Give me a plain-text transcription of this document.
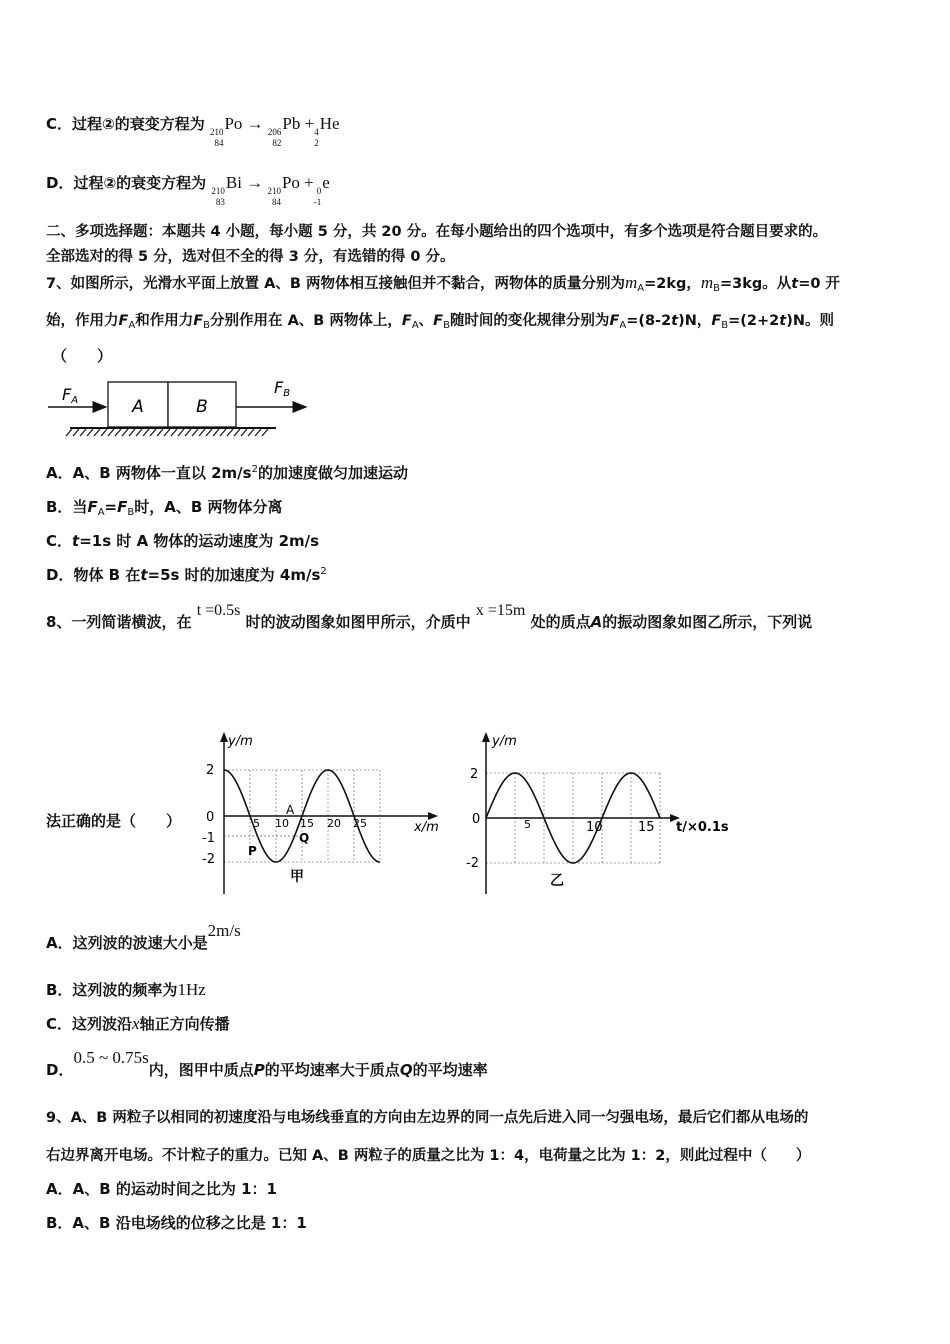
C．过程②的衰变方程为 210
84
Po → 206
82
Pb + 4
2
He
D．过程②的衰变方程为 210
83
Bi → 210
84
Po + 0
-1
e
二、多项选择题：本题共 4 小题，每小题 5 分，共 20 分。在每小题给出的四个选项中，有多个选项是符合题目要求的。
全部选对的得 5 分，选对但不全的得 3 分，有选错的得 0 分。
7、如图所示，光滑水平面上放置 A、B 两物体相互接触但并不黏合，两物体的质量分别为$m_A=2kg$，$m_B=3kg$。从t=0 开
始，作用力$F_A$和作用力$F_B$分别作用在 A、B 两物体上，$F_A$、$F_B$随时间的变化规律分别为$F_A=(8-2t)N$，$F_B=(2+2t)N$。则
（　　）
FA	A	B
FB
A．A、B 两物体一直以 $2m/s^2$的加速度做匀加速运动
B．当$F_A=F_B$时，A、B 两物体分离
C．t=1s 时 A 物体的运动速度为 2m/s
D．物体 B 在t=5s 时的加速度为 $4m/s^2$
8、一列简谐横波，在 t =0.5s 时的波动图象如图甲所示，介质中 x =15m 处的质点A的振动图象如图乙所示，下列说
法正确的是（　　）
y/m
x/m
2
0
-1
-2
5 10 15 20 25
A
P
Q
甲
y/m
t/×0.1s
2
0
-2
5	10	15
乙
A．这列波的波速大小是2m/s
B．这列波的频率为1Hz
C．这列波沿x轴正方向传播
D．0.5 ~ 0.75s内，图甲中质点P的平均速率大于质点Q的平均速率
9、A、B 两粒子以相同的初速度沿与电场线垂直的方向由左边界的同一点先后进入同一匀强电场，最后它们都从电场的
右边界离开电场。不计粒子的重力。已知 A、B 两粒子的质量之比为 1：4，电荷量之比为 1：2，则此过程中（　　）
A．A、B 的运动时间之比为 1：1
B．A、B 沿电场线的位移之比是 1：1
